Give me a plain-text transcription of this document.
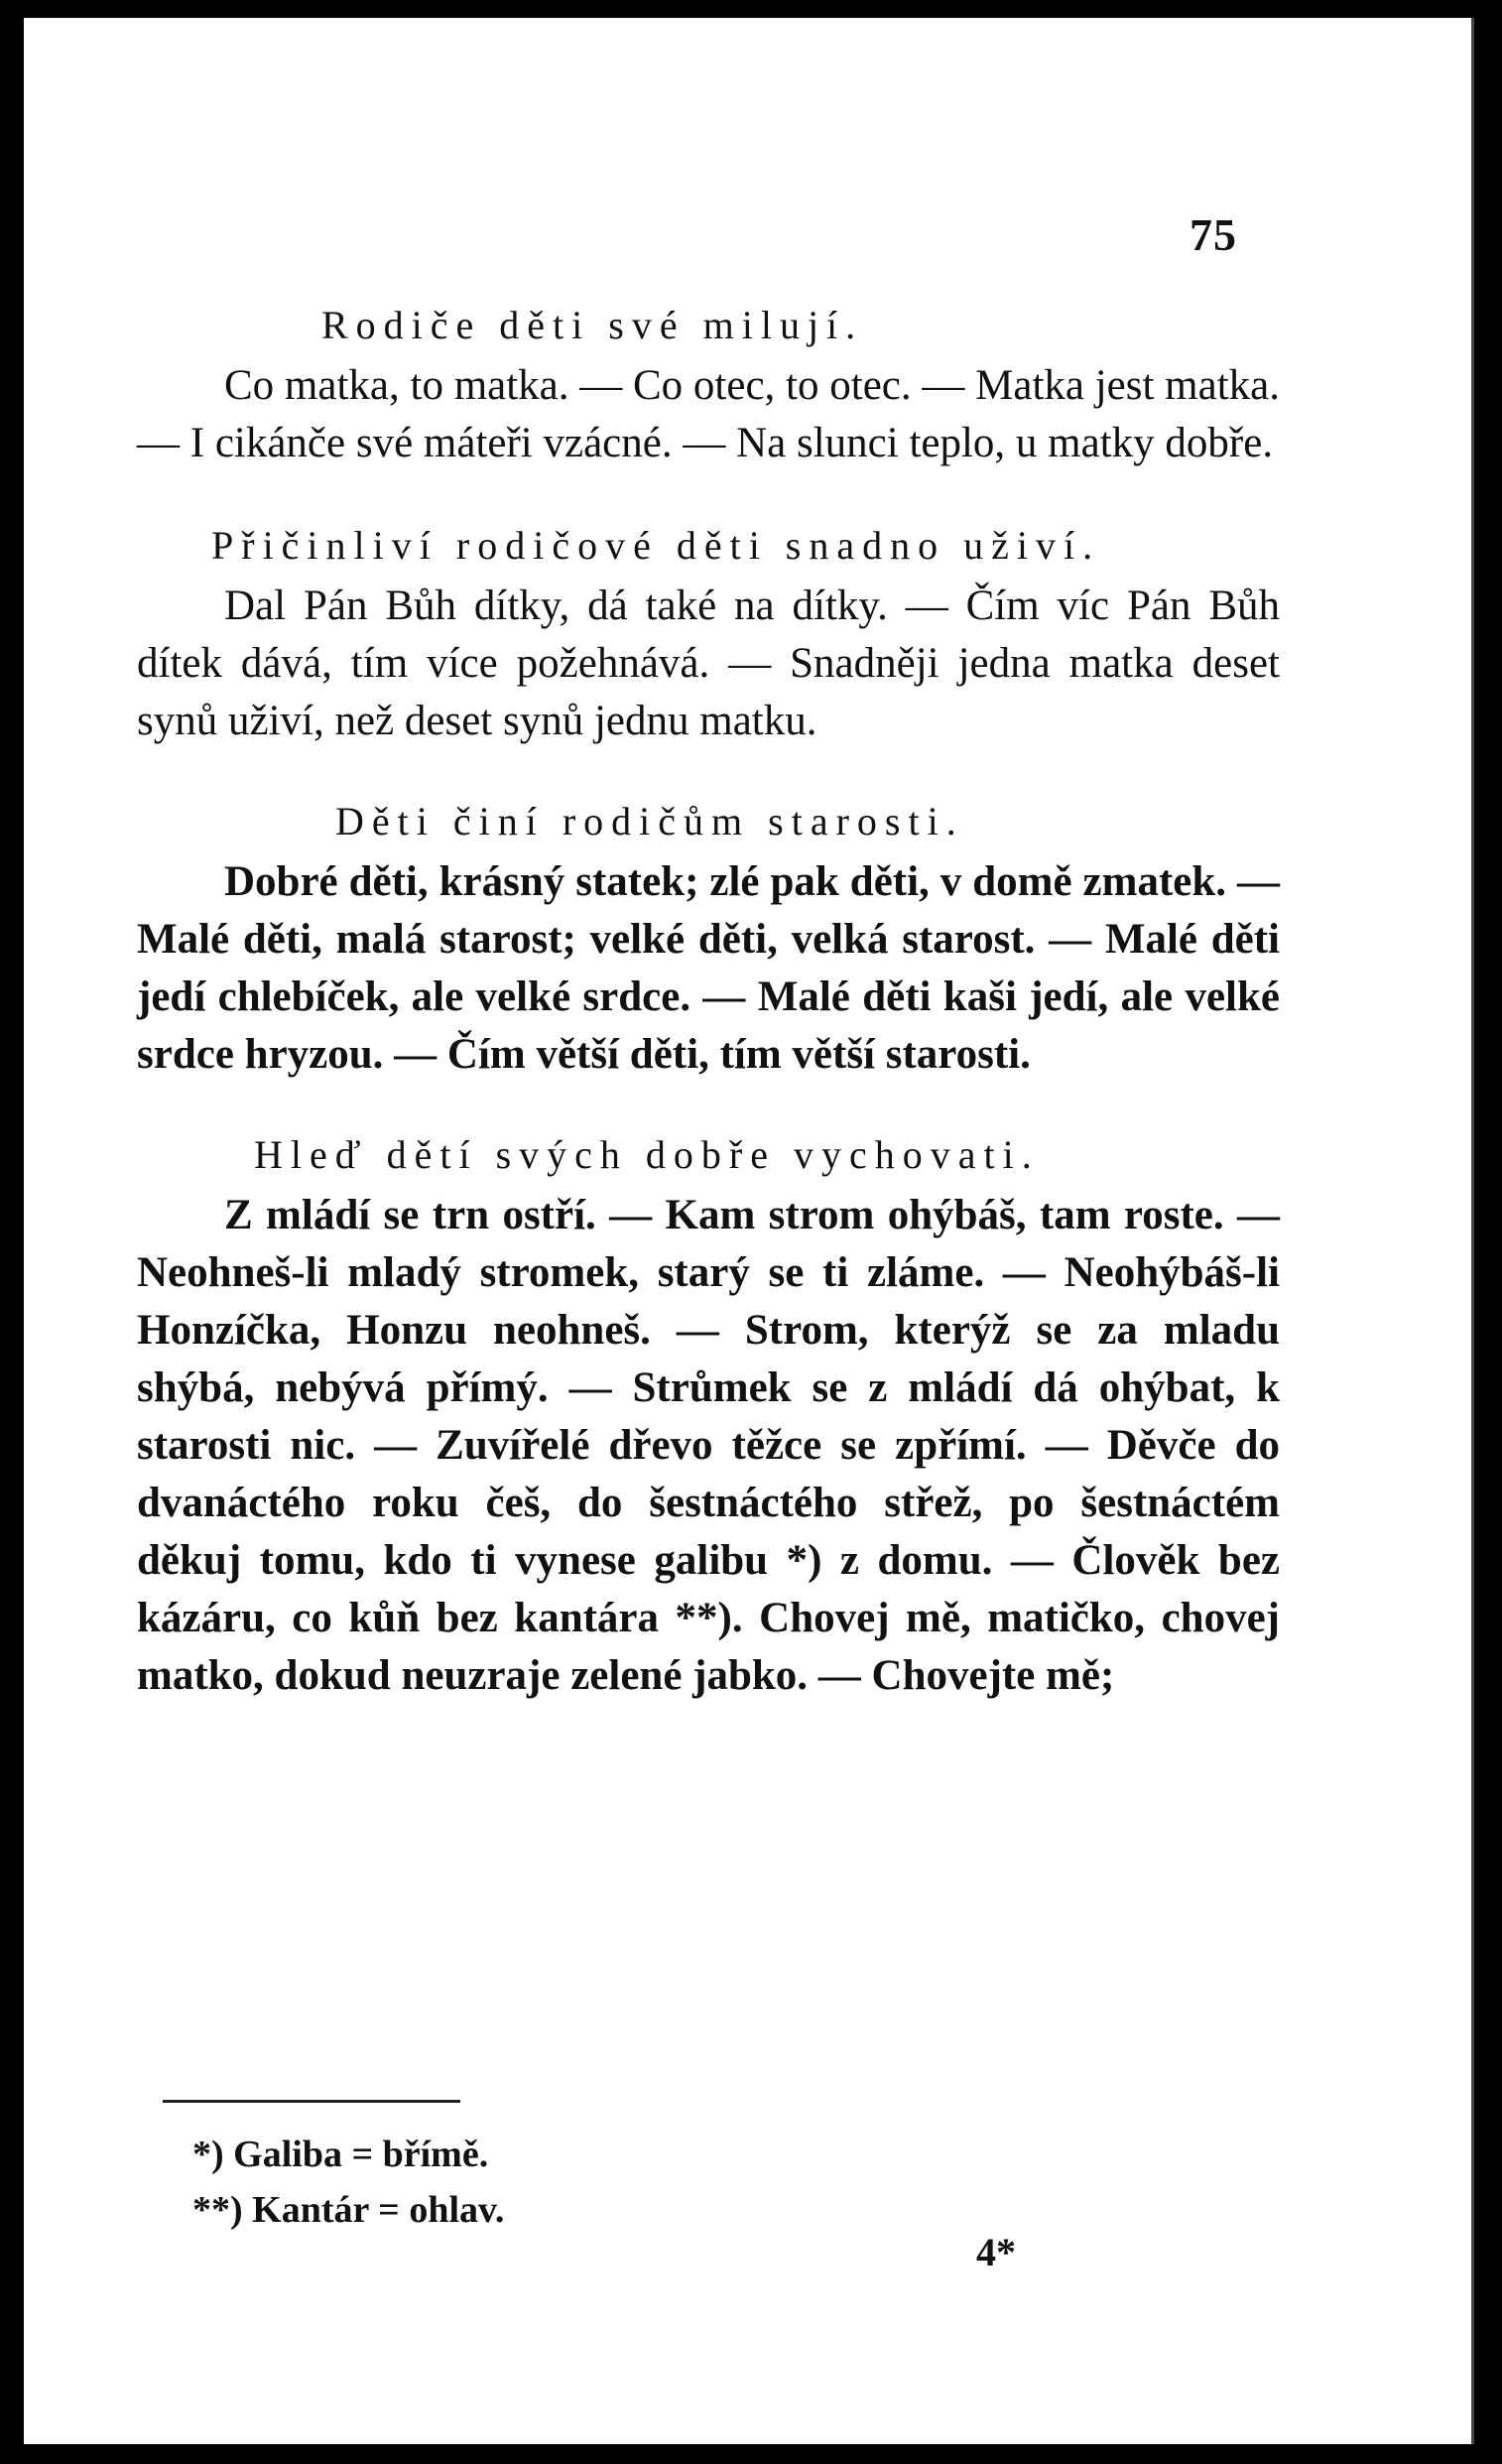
75
Rodiče děti své milují.

Co matka, to matka. — Co otec, to otec. — Matka jest matka. — I cikánče své máteři vzácné. — Na slunci teplo, u matky dobře.

Přičinliví rodičové děti snadno uživí.

Dal Pán Bůh dítky, dá také na dítky. — Čím víc Pán Bůh dítek dává, tím více požehnává. — Snadněji jedna matka deset synů uživí, než deset synů jednu matku.

Děti činí rodičům starosti.

Dobré děti, krásný statek; zlé pak děti, v domě zmatek. — Malé děti, malá starost; velké děti, velká starost. — Malé děti jedí chlebíček, ale velké srdce. — Malé děti kaši jedí, ale velké srdce hryzou. — Čím větší děti, tím větší starosti.

Hleď dětí svých dobře vychovati.

Z mládí se trn ostří. — Kam strom ohýbáš, tam roste. — Neohneš-li mladý stromek, starý se ti zláme. — Neohýbáš-li Honzíčka, Honzu neohneš. — Strom, kterýž se za mladu shýbá, nebývá přímý. — Strůmek se z mládí dá ohýbat, k starosti nic. — Zuvířelé dřevo těžce se zpřímí. — Děvče do dvanáctého roku češ, do šestnáctého střež, po šestnáctém děkuj tomu, kdo ti vynese galibu *) z domu. — Člověk bez kázáru, co kůň bez kantára **). Chovej mě, matičko, chovej matko, dokud neuzraje zelené jabko. — Chovejte mě;

*) Galiba = břímě.
**) Kantár = ohlav.
4*
